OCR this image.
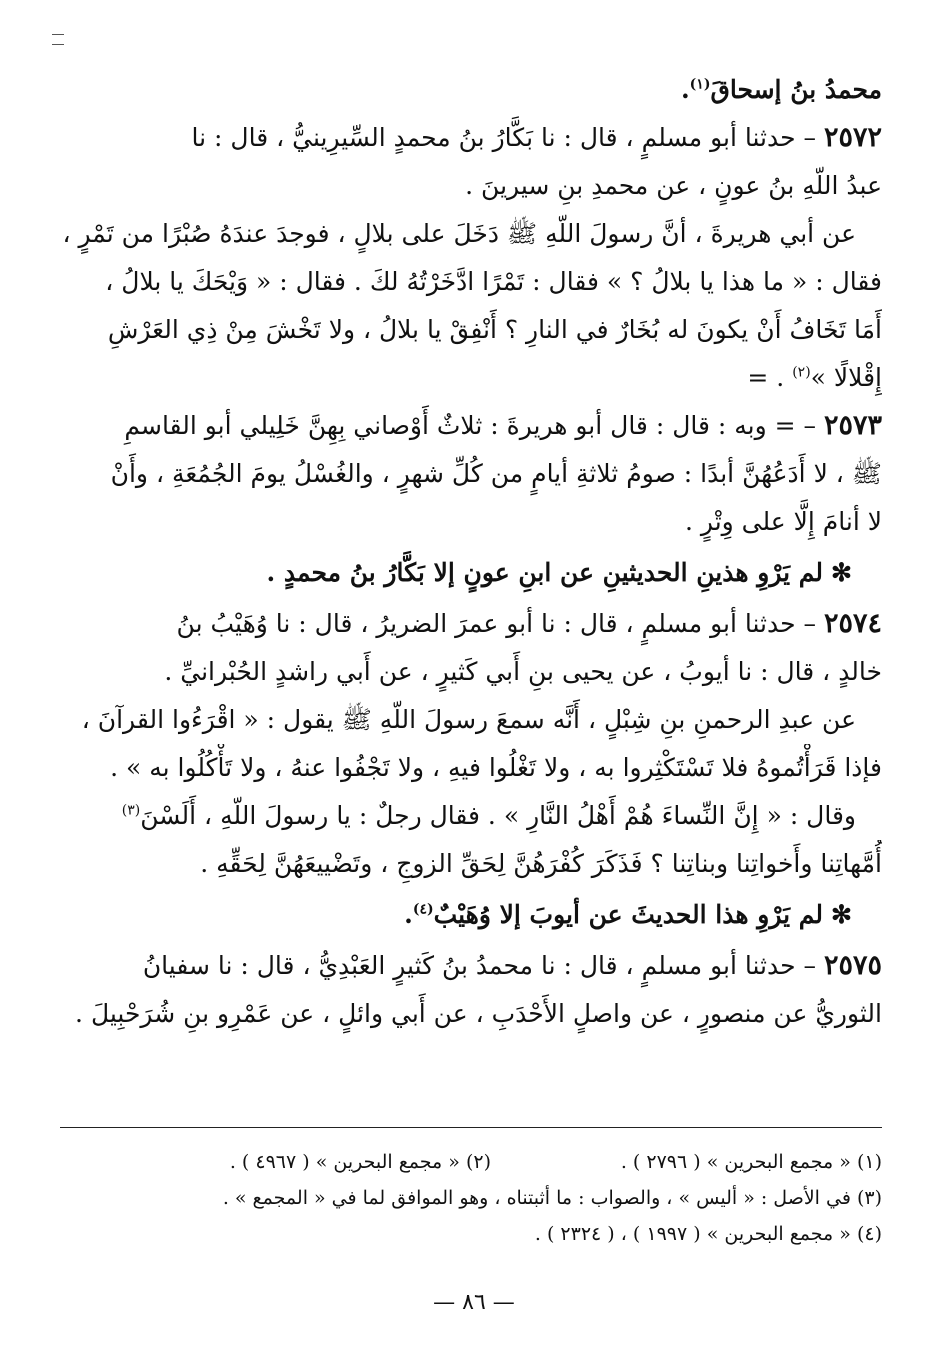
محمدُ بنُ إسحاقَ$^{(١)}$.
٢٥٧٢ – حدثنا أبو مسلمٍ ، قال : نا بَكَّارُ بنُ محمدٍ السِّيرِينيُّ ، قال : نا
عبدُ اللّهِ بنُ عونٍ ، عن محمدِ بنِ سيرينَ .
عن أبي هريرةَ ، أنَّ رسولَ اللّهِ ﷺ دَخَلَ على بلالٍ ، فوجدَ عندَهُ صُبْرًا من تَمْرٍ ،
فقال : « ما هذا يا بلالُ ؟ » فقال : تَمْرًا ادَّخَرْتُهُ لكَ . فقال : « وَيْحَكَ يا بلالُ ،
أَمَا تَخَافُ أَنْ يكونَ له بُخَارٌ في النارِ ؟ أَنْفِقْ يا بلالُ ، ولا تَخْشَ مِنْ ذِي العَرْشِ
إِقْلالًا »$^{(٢)}$ . =
٢٥٧٣ – = وبه : قال : قال أبو هريرةَ : ثلاثٌ أَوْصاني بِهِنَّ خَلِيلي أبو القاسمِ
ﷺ ، لا أَدَعُهُنَّ أبدًا : صومُ ثلاثةِ أيامٍ من كُلِّ شهرٍ ، والغُسْلُ يومَ الجُمُعَةِ ، وأَنْ
لا أنامَ إِلَّا على وِتْرٍ .
✻لم يَرْوِ هذينِ الحديثينِ عن ابنِ عونٍ إلا بَكَّارُ بنُ محمدٍ .
٢٥٧٤ – حدثنا أبو مسلمٍ ، قال : نا أبو عمرَ الضريرُ ، قال : نا وُهَيْبُ بنُ
خالدٍ ، قال : نا أيوبُ ، عن يحيى بنِ أَبي كَثيرٍ ، عن أَبي راشدٍ الحُبْرانيِّ .
عن عبدِ الرحمنِ بنِ شِبْلٍ ، أَنَّه سمعَ رسولَ اللّهِ ﷺ يقول : « اقْرَءُوا القرآنَ ،
فإذا قَرَأْتُموهُ فلا تَسْتَكْثِروا به ، ولا تَغْلُوا فيهِ ، ولا تَجْفُوا عنهُ ، ولا تَأْكُلُوا به » .
وقال : « إِنَّ النِّساءَ هُمْ أَهْلُ النَّارِ » . فقال رجلٌ : يا رسولَ اللّهِ ، أَلَسْنَ$^{(٣)}$
أُمَّهاتِنا وأَخواتِنا وبناتِنا ؟ فَذَكَرَ كُفْرَهُنَّ لِحَقِّ الزوجِ ، وتَضْييعَهُنَّ لِحَقِّهِ .
✻لم يَرْوِ هذا الحديثَ عن أيوبَ إلا وُهَيْبٌ$^{(٤)}$.
٢٥٧٥ – حدثنا أبو مسلمٍ ، قال : نا محمدُ بنُ كَثيرٍ العَبْدِيُّ ، قال : نا سفيانُ
الثوريُّ عن منصورٍ ، عن واصلٍ الأَحْدَبِ ، عن أَبي وائلٍ ، عن عَمْرِو بنِ شُرَحْبِيلَ .
(١) « مجمع البحرين » ( ٢٧٩٦ ) .
(٢) « مجمع البحرين » ( ٤٩٦٧ ) .
(٣) في الأصل : « أليس » ، والصواب : ما أثبتناه ، وهو الموافق لما في « المجمع » .
(٤) « مجمع البحرين » ( ١٩٩٧ ) ، ( ٢٣٢٤ ) .
— ٨٦ —
